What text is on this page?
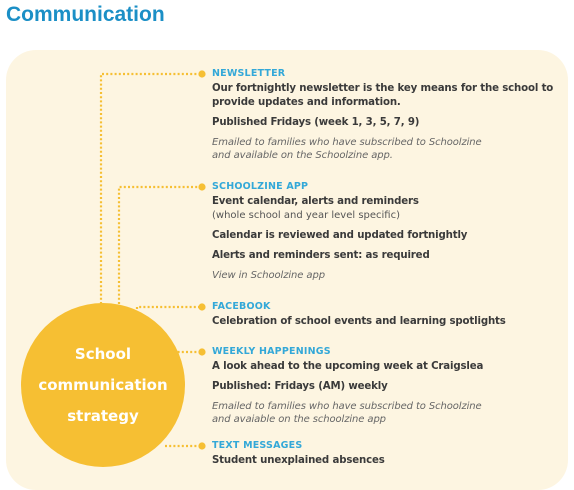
Communication
School
communication
strategy
NEWSLETTER
Our fortnightly newsletter is the key means for the school to
provide updates and information.
Published Fridays (week 1, 3, 5, 7, 9)
Emailed to families who have subscribed to Schoolzine
and available on the Schoolzine app.
SCHOOLZINE APP
Event calendar, alerts and reminders
(whole school and year level specific)
Calendar is reviewed and updated fortnightly
Alerts and reminders sent: as required
View in Schoolzine app
FACEBOOK
Celebration of school events and learning spotlights
WEEKLY HAPPENINGS
A look ahead to the upcoming week at Craigslea
Published: Fridays (AM) weekly
Emailed to families who have subscribed to Schoolzine
and avaiable on the schoolzine app
TEXT MESSAGES
Student unexplained absences
